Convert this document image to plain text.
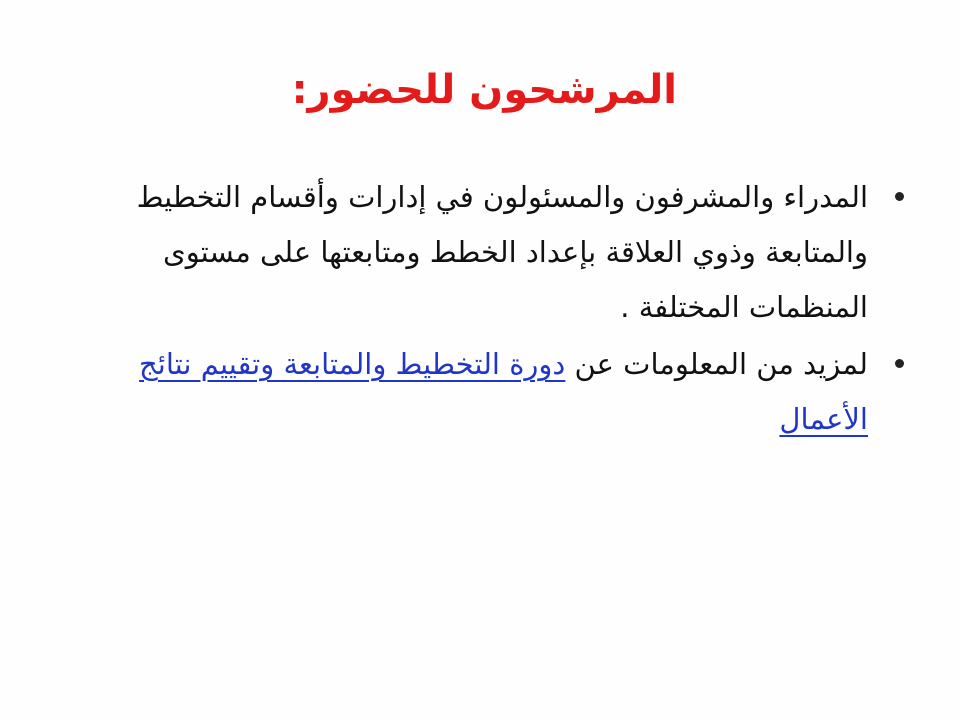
المرشحون للحضور:
المدراء والمشرفون والمسئولون في إدارات وأقسام التخطيط والمتابعة وذوي العلاقة بإعداد الخطط ومتابعتها على مستوى المنظمات المختلفة .
لمزيد من المعلومات عن دورة التخطيط والمتابعة وتقييم نتائج الأعمال
